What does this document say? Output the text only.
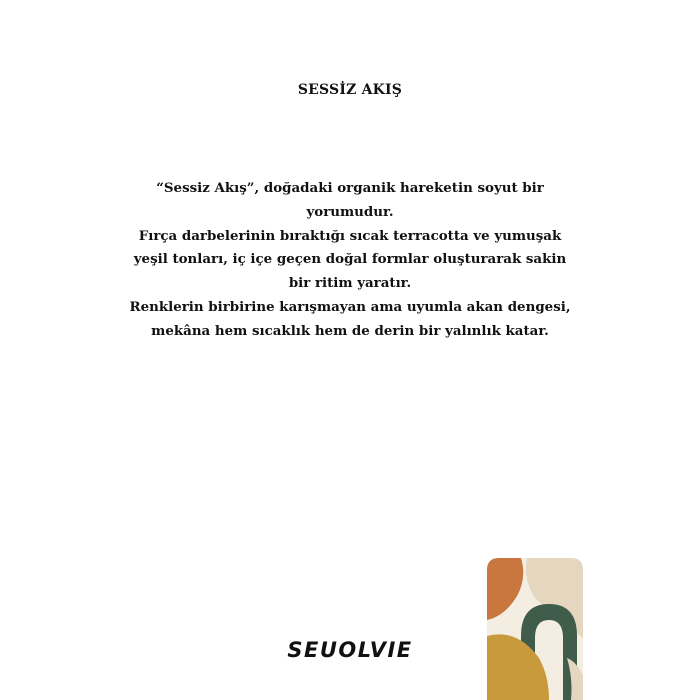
SESSİZ AKIŞ
“Sessiz Akış”, doğadaki organik hareketin soyut bir
yorumudur.
Fırça darbelerinin bıraktığı sıcak terracotta ve yumuşak
yeşil tonları, iç içe geçen doğal formlar oluşturarak sakin
bir ritim yaratır.
Renklerin birbirine karışmayan ama uyumla akan dengesi,
mekâna hem sıcaklık hem de derin bir yalınlık katar.
SEUOLVIE
